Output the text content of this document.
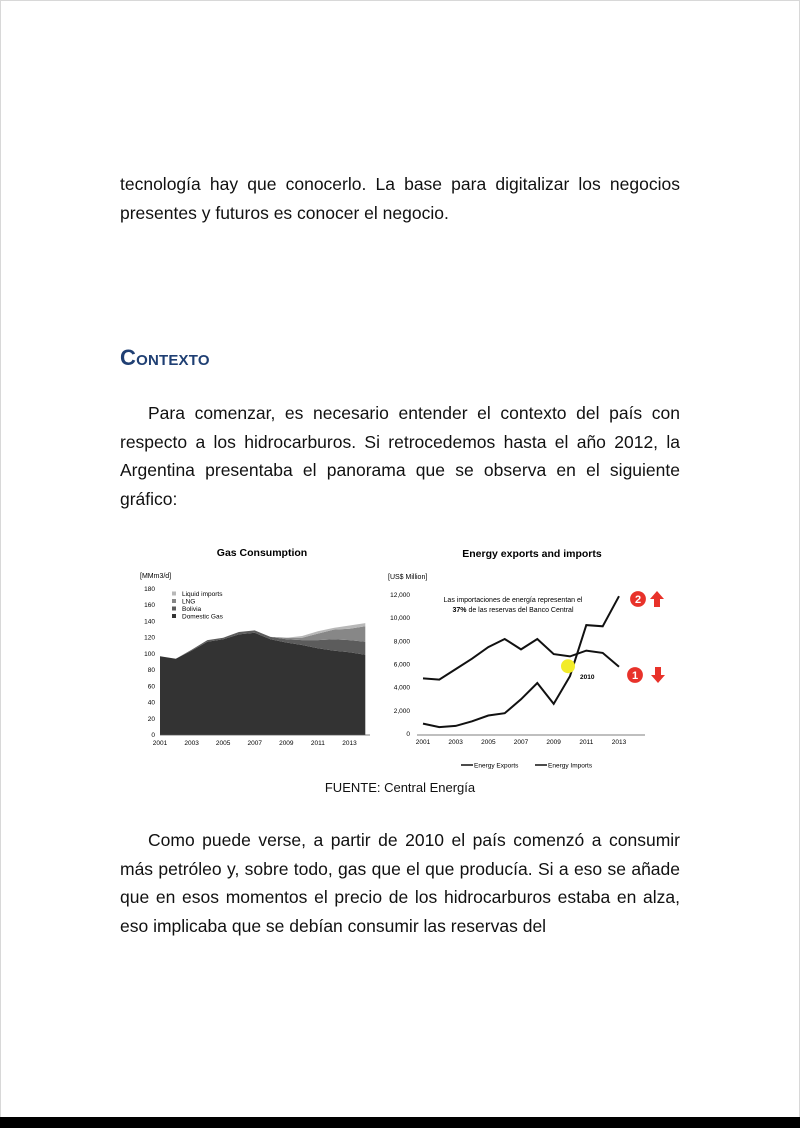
tecnología hay que conocerlo. La base para digitalizar los negocios presentes y futuros es conocer el negocio.

Contexto

Para comenzar, es necesario entender el contexto del país con respecto a los hidrocarburos. Si retrocedemos hasta el año 2012, la Argentina presentaba el panorama que se observa en el siguiente gráfico:

Gas Consumption
[MMm3/d]
0
20
40
60
80
100
120
140
160
180
2001	2003	2005	2007	2009	2011	2013
Liquid imports
LNG
Bolivia
Domestic Gas
Energy exports and imports
[US$ Million]
0
2,000
4,000
6,000
8,000
10,000
12,000
2001	2003	2005	2007	2009	2011	2013
Las importaciones de energía representan el
37% de las reservas del Banco Central
2010
2
1
Energy Exports	Energy Imports
FUENTE: Central Energía

Como puede verse, a partir de 2010 el país comenzó a consumir más petróleo y, sobre todo, gas que el que producía. Si a eso se añade que en esos momentos el precio de los hidrocarburos estaba en alza, eso implicaba que se debían consumir las reservas del
